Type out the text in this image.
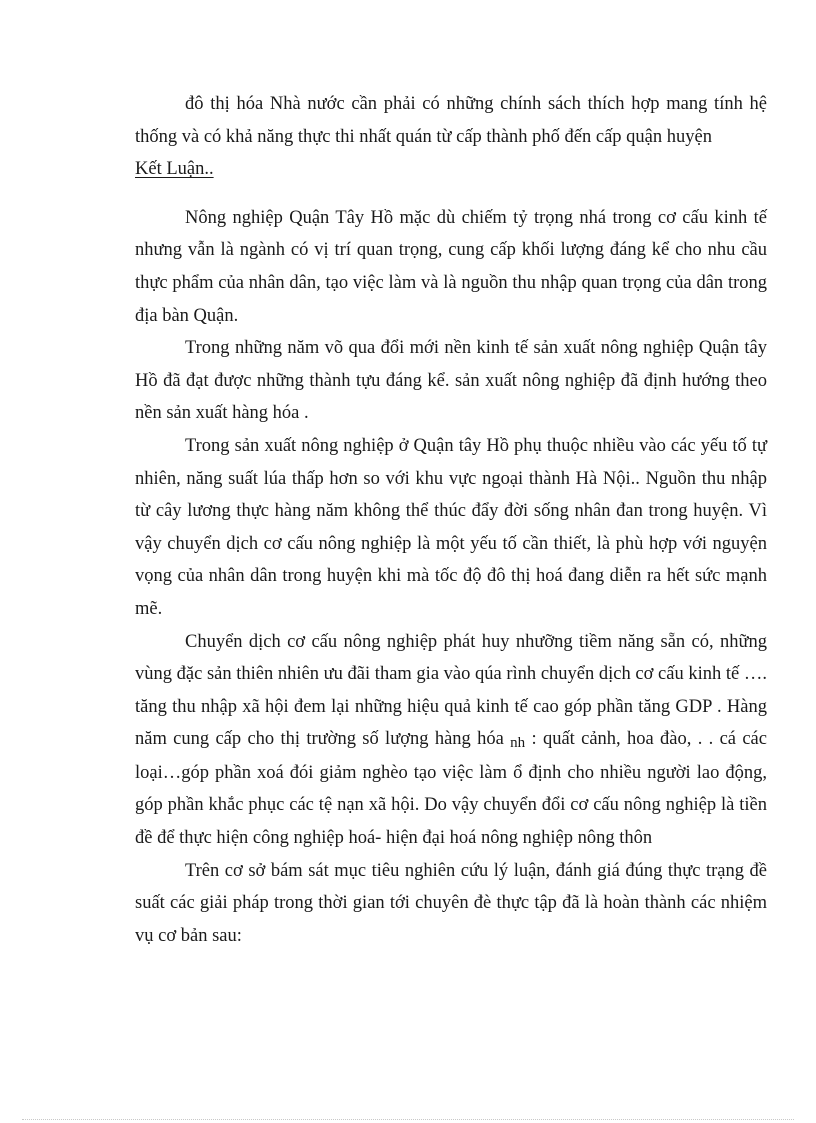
đô thị hóa Nhà nước cần phải có những chính sách thích hợp mang tính hệ thống và có khả năng thực thi nhất quán từ cấp thành phố đến cấp quận huyện

Kết Luận..

Nông nghiệp Quận Tây Hồ mặc dù chiếm tỷ trọng nhá trong cơ cấu kinh tế nhưng vẫn là ngành có vị trí quan trọng, cung cấp khối lượng đáng kể cho nhu cầu thực phẩm của nhân dân, tạo việc làm và là nguồn thu nhập quan trọng của dân trong địa bàn Quận.

Trong những năm võ qua đổi mới nền kinh tế sản xuất nông nghiệp Quận tây Hồ đã đạt được những thành tựu đáng kể. sản xuất nông nghiệp đã định hướng theo nền sản xuất hàng hóa .

Trong sản xuất nông nghiệp ở Quận tây Hồ phụ thuộc nhiều vào các yếu tố tự nhiên, năng suất lúa thấp hơn so với khu vực ngoại thành Hà Nội.. Nguồn thu nhập từ cây lương thực hàng năm không thể thúc đẩy đời sống nhân đan trong huyện. Vì vậy chuyển dịch cơ cấu nông nghiệp là một yếu tố cần thiết, là phù hợp với nguyện vọng của nhân dân trong huyện khi mà tốc độ đô thị hoá đang diễn ra hết sức mạnh mẽ.

Chuyển dịch cơ cấu nông nghiệp phát huy nhưỡng tiềm năng sẵn có, những vùng đặc sản thiên nhiên ưu đãi tham gia vào qúa rình chuyển dịch cơ cấu kinh tế …. tăng thu nhập xã hội đem lại những hiệu quả kinh tế cao góp phần tăng GDP . Hàng năm cung cấp cho thị trường số lượng hàng hóa nh : quất cảnh, hoa đào, . . cá các loại…góp phần xoá đói giảm nghèo tạo việc làm ổ định cho nhiều người lao động, góp phần khắc phục các tệ nạn xã hội. Do vậy chuyển đổi cơ cấu nông nghiệp là tiền đề để thực hiện công nghiệp hoá- hiện đại hoá nông nghiệp nông thôn

Trên cơ sở bám sát mục tiêu nghiên cứu lý luận, đánh giá đúng thực trạng đề suất các giải pháp trong thời gian tới chuyên đè thực tập đã là hoàn thành các nhiệm vụ cơ bản sau:
